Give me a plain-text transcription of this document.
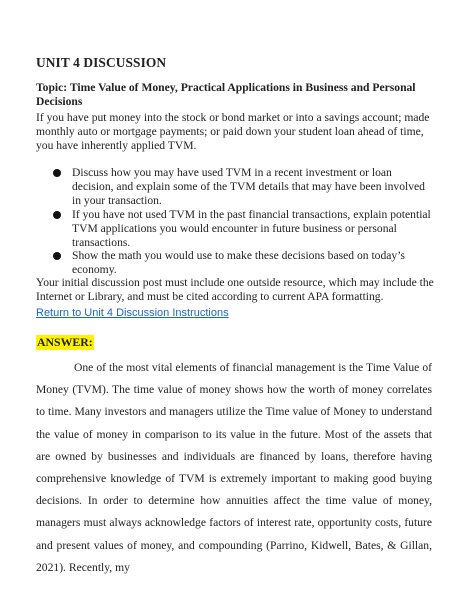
UNIT 4 DISCUSSION
Topic: Time Value of Money, Practical Applications in Business and Personal Decisions
If you have put money into the stock or bond market or into a savings account; made monthly auto or mortgage payments; or paid down your student loan ahead of time, you have inherently applied TVM.
Discuss how you may have used TVM in a recent investment or loan decision, and explain some of the TVM details that may have been involved in your transaction.
If you have not used TVM in the past financial transactions, explain potential TVM applications you would encounter in future business or personal transactions.
Show the math you would use to make these decisions based on today’s economy.
Your initial discussion post must include one outside resource, which may include the Internet or Library, and must be cited according to current APA formatting.
Return to Unit 4 Discussion Instructions
ANSWER:
One of the most vital elements of financial management is the Time Value of Money (TVM). The time value of money shows how the worth of money correlates to time. Many investors and managers utilize the Time value of Money to understand the value of money in comparison to its value in the future. Most of the assets that are owned by businesses and individuals are financed by loans, therefore having comprehensive knowledge of TVM is extremely important to making good buying decisions. In order to determine how annuities affect the time value of money, managers must always acknowledge factors of interest rate, opportunity costs, future and present values of money, and compounding (Parrino, Kidwell, Bates, & Gillan, 2021). Recently, my
